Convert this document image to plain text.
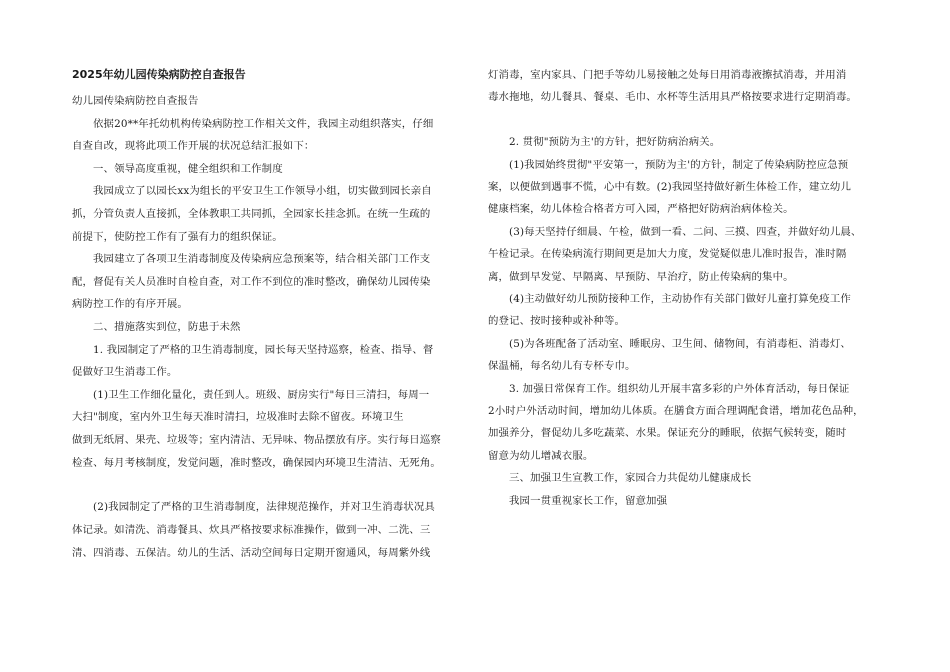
2025年幼儿园传染病防控自查报告
幼儿园传染病防控自查报告
依据20**年托幼机构传染病防控工作相关文件，我园主动组织落实，仔细
自查自改，现将此项工作开展的状况总结汇报如下：
一、领导高度重视，健全组织和工作制度
我园成立了以园长xx为组长的平安卫生工作领导小组，切实做到园长亲自
抓，分管负责人直接抓，全体教职工共同抓，全园家长挂念抓。在统一生疏的
前提下，使防控工作有了强有力的组织保证。
我园建立了各项卫生消毒制度及传染病应急预案等，结合相关部门工作支
配，督促有关人员准时自检自查，对工作不到位的准时整改，确保幼儿园传染
病防控工作的有序开展。
二、措施落实到位，防患于未然
1. 我园制定了严格的卫生消毒制度，园长每天坚持巡察，检查、指导、督
促做好卫生消毒工作。
(1)卫生工作细化量化，责任到人。班级、厨房实行"每日三清扫，每周一
大扫"制度，室内外卫生每天准时清扫，垃圾准时去除不留夜。环境卫生
做到无纸屑、果壳、垃圾等；室内清洁、无异味、物品摆放有序。实行每日巡察
检查、每月考核制度，发觉问题，准时整改，确保园内环境卫生清洁、无死角。
(2)我园制定了严格的卫生消毒制度，法律规范操作，并对卫生消毒状况具
体记录。如清洗、消毒餐具、炊具严格按要求标准操作，做到一冲、二洗、三
清、四消毒、五保洁。幼儿的生活、活动空间每日定期开窗通风，每周紫外线
灯消毒，室内家具、门把手等幼儿易接触之处每日用消毒液擦拭消毒，并用消
毒水拖地，幼儿餐具、餐桌、毛巾、水杯等生活用具严格按要求进行定期消毒。
2. 贯彻"预防为主'的方针，把好防病治病关。
(1)我园始终贯彻"平安第一，预防为主'的方针，制定了传染病防控应急预
案，以便做到遇事不慌，心中有数。(2)我园坚持做好新生体检工作，建立幼儿
健康档案，幼儿体检合格者方可入园，严格把好防病治病体检关。
(3)每天坚持仔细晨、午检，做到一看、二问、三摸、四查，并做好幼儿晨、
午检记录。在传染病流行期间更是加大力度，发觉疑似患儿准时报告，准时隔
离，做到早发觉、早隔离、早预防、早治疗，防止传染病的集中。
(4)主动做好幼儿预防接种工作，主动协作有关部门做好儿童打算免疫工作
的登记、按时接种或补种等。
(5)为各班配备了活动室、睡眠房、卫生间、储物间，有消毒柜、消毒灯、
保温桶，每名幼儿有专杯专巾。
3. 加强日常保育工作。组织幼儿开展丰富多彩的户外体育活动，每日保证
2小时户外活动时间，增加幼儿体质。在膳食方面合理调配食谱，增加花色品种，
加强养分，督促幼儿多吃蔬菜、水果。保证充分的睡眠，依据气候转变，随时
留意为幼儿增减衣服。
三、加强卫生宣教工作，家园合力共促幼儿健康成长
我园一贯重视家长工作，留意加强
